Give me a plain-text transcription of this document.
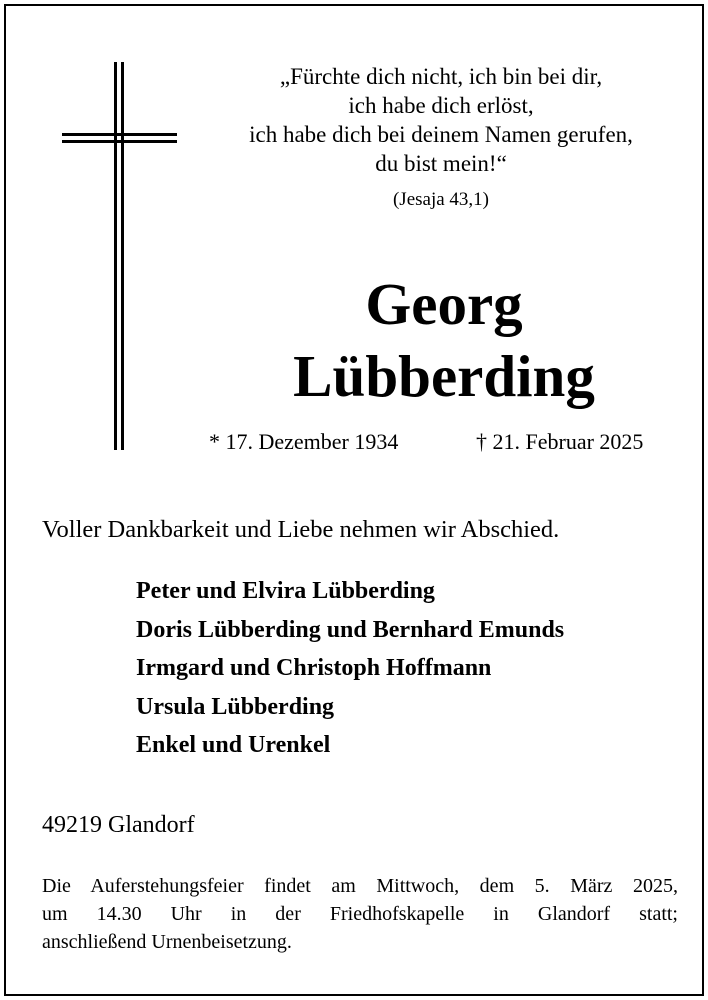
„Fürchte dich nicht, ich bin bei dir,
ich habe dich erlöst,
ich habe dich bei deinem Namen gerufen,
du bist mein!“
(Jesaja 43,1)
Georg
Lübberding
* 17. Dezember 1934	† 21. Februar 2025
Voller Dankbarkeit und Liebe nehmen wir Abschied.
Peter und Elvira Lübberding
Doris Lübberding und Bernhard Emunds
Irmgard und Christoph Hoffmann
Ursula Lübberding
Enkel und Urenkel
49219 Glandorf
Die Auferstehungsfeier findet am Mittwoch, dem 5. März 2025,
um 14.30 Uhr in der Friedhofskapelle in Glandorf statt;
anschließend Urnenbeisetzung.
